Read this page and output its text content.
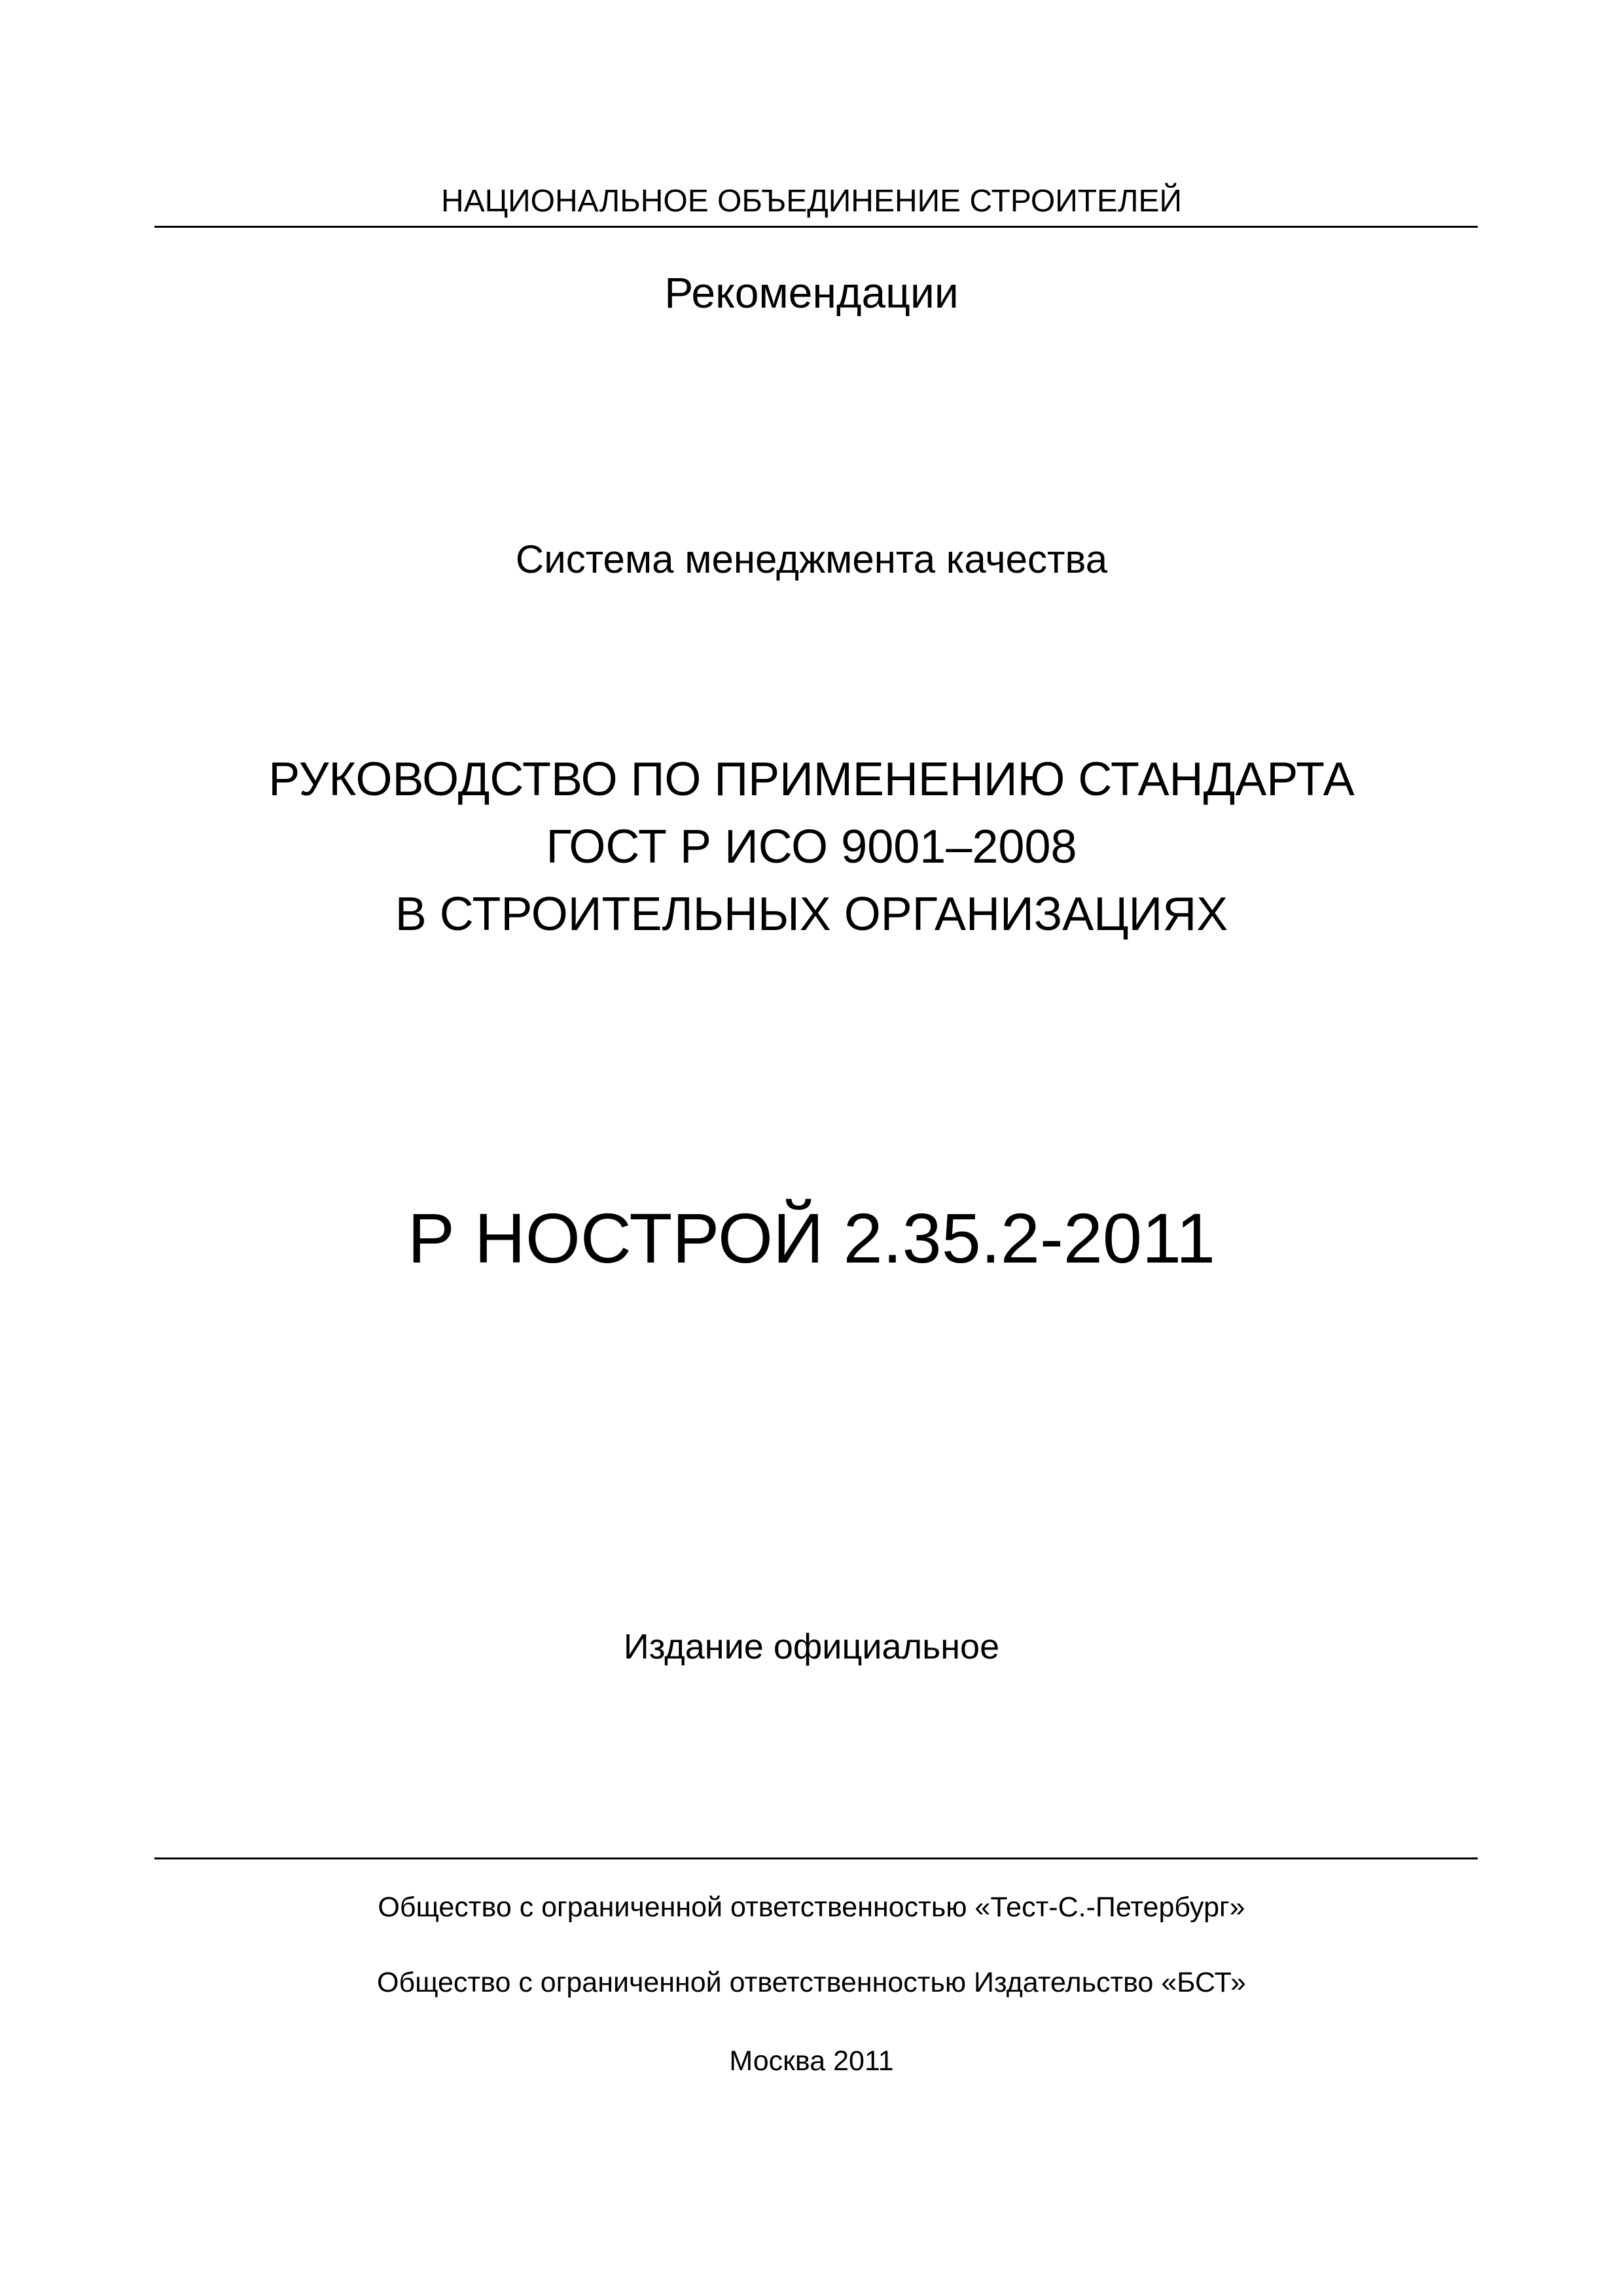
НАЦИОНАЛЬНОЕ ОБЪЕДИНЕНИЕ СТРОИТЕЛЕЙ
Рекомендации
Система менеджмента качества
РУКОВОДСТВО ПО ПРИМЕНЕНИЮ СТАНДАРТА
ГОСТ Р ИСО 9001–2008
В СТРОИТЕЛЬНЫХ ОРГАНИЗАЦИЯХ
Р НОСТРОЙ 2.35.2-2011
Издание официальное
Общество с ограниченной ответственностью «Тест-С.-Петербург»
Общество с ограниченной ответственностью Издательство «БСТ»
Москва 2011
